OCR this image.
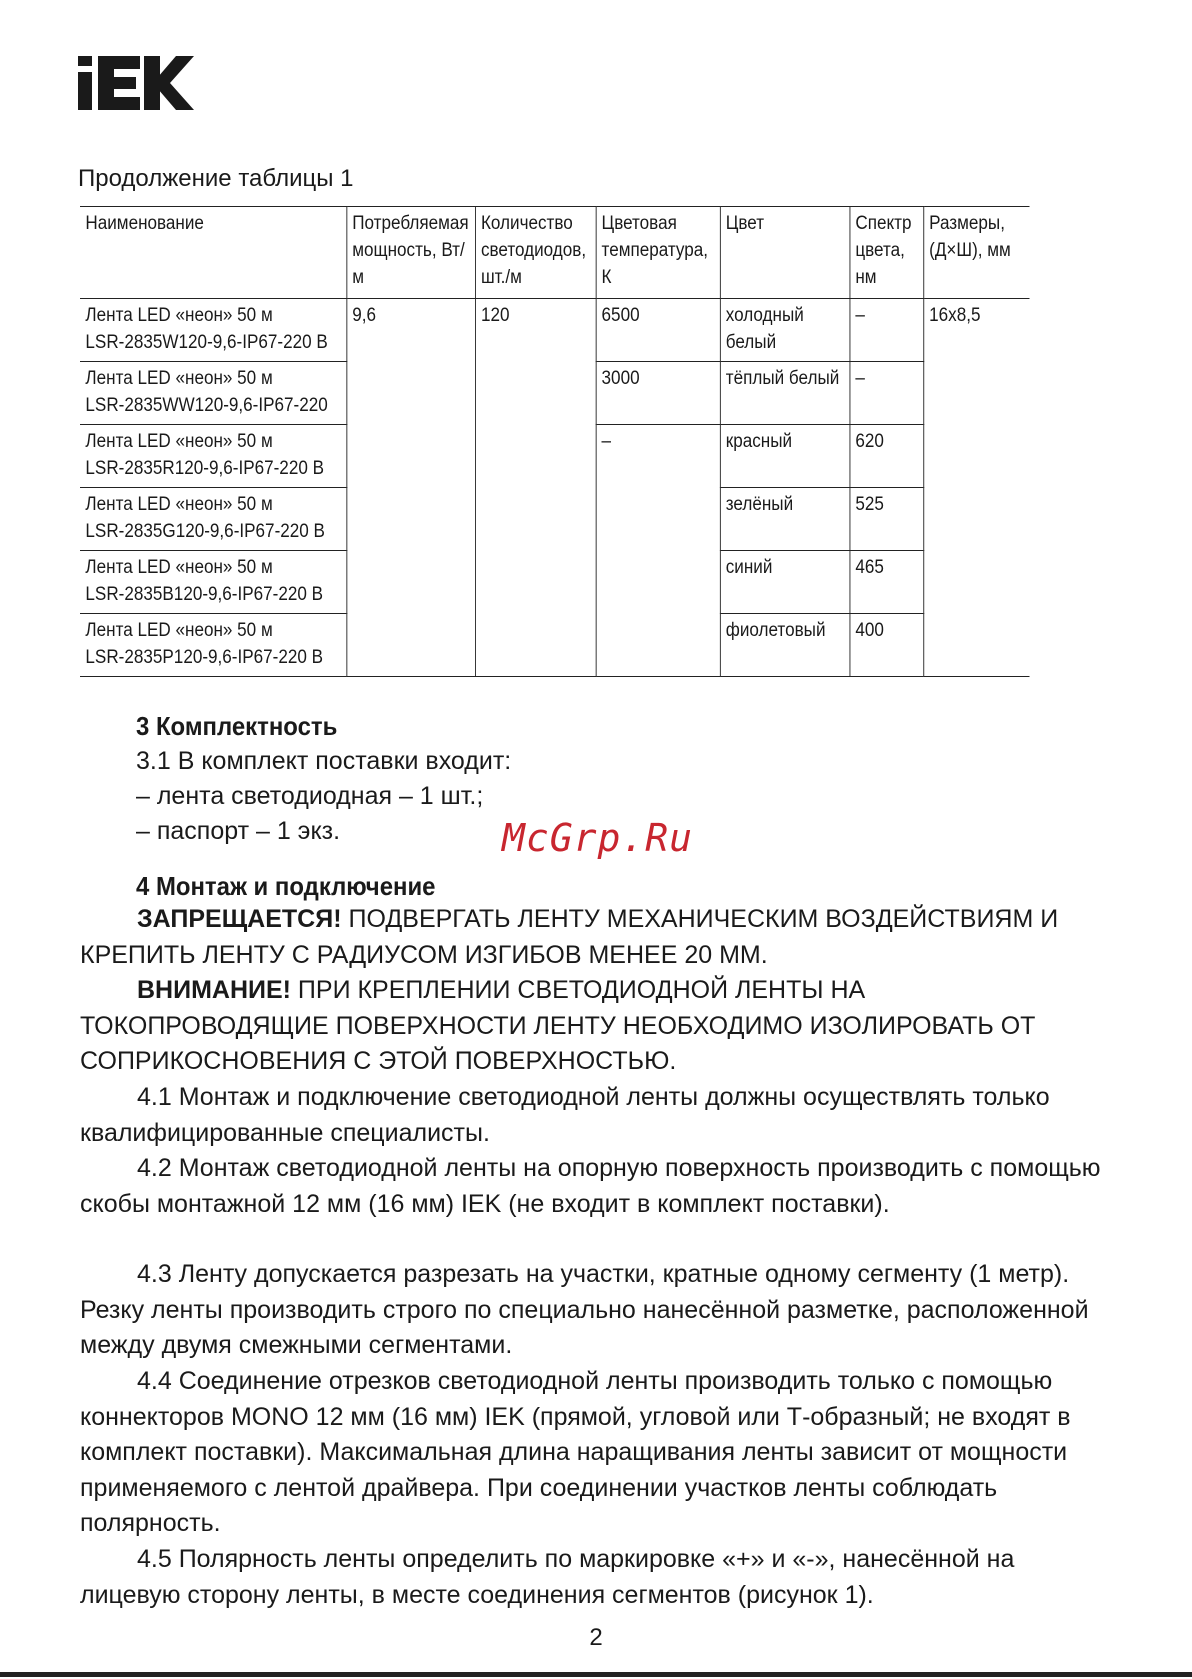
Продолжение таблицы 1

Наименование	Потребляемая мощность, Вт/м	Количество светодиодов, шт./м	Цветовая температура, К	Цвет	Спектр цвета, нм	Размеры, (Д×Ш), мм
Лента LED «неон» 50 м
LSR-2835W120-9,6-IP67-220 В	9,6	120	6500	холодный белый	–	16х8,5
Лента LED «неон» 50 м
LSR-2835WW120-9,6-IP67-220			3000	тёплый белый	–	
Лента LED «неон» 50 м
LSR-2835R120-9,6-IP67-220 В			–	красный	620	
Лента LED «неон» 50 м
LSR-2835G120-9,6-IP67-220 В				зелёный	525	
Лента LED «неон» 50 м
LSR-2835B120-9,6-IP67-220 В				синий	465	
Лента LED «неон» 50 м
LSR-2835P120-9,6-IP67-220 В				фиолетовый	400	
3 Комплектность

3.1 В комплект поставки входит:

– лента светодиодная – 1 шт.;

– паспорт – 1 экз.	McGrp.Ru
4 Монтаж и подключение

ЗАПРЕЩАЕТСЯ! ПОДВЕРГАТЬ ЛЕНТУ МЕХАНИЧЕСКИМ ВОЗДЕЙСТВИЯМ И КРЕПИТЬ ЛЕНТУ С РАДИУСОМ ИЗГИБОВ МЕНЕЕ 20 ММ.

ВНИМАНИЕ! ПРИ КРЕПЛЕНИИ СВЕТОДИОДНОЙ ЛЕНТЫ НА ТОКОПРОВОДЯЩИЕ ПОВЕРХНОСТИ ЛЕНТУ НЕОБХОДИМО ИЗОЛИРОВАТЬ ОТ СОПРИКОСНОВЕНИЯ С ЭТОЙ ПОВЕРХНОСТЬЮ.

4.1 Монтаж и подключение светодиодной ленты должны осуществлять только квалифицированные специалисты.

4.2 Монтаж светодиодной ленты на опорную поверхность производить с помощью скобы монтажной 12 мм (16 мм) IEK (не входит в комплект поставки).

4.3 Ленту допускается разрезать на участки, кратные одному сегменту (1 метр). Резку ленты производить строго по специально нанесённой разметке, расположенной между двумя смежными сегментами.

4.4 Соединение отрезков светодиодной ленты производить только с помощью коннекторов MONO 12 мм (16 мм) IEK (прямой, угловой или Т-образный; не входят в комплект поставки). Максимальная длина наращивания ленты зависит от мощности применяемого с лентой драйвера. При соединении участков ленты соблюдать полярность.

4.5 Полярность ленты определить по маркировке «+» и «-», нанесённой на лицевую сторону ленты, в месте соединения сегментов (рисунок 1).

2
